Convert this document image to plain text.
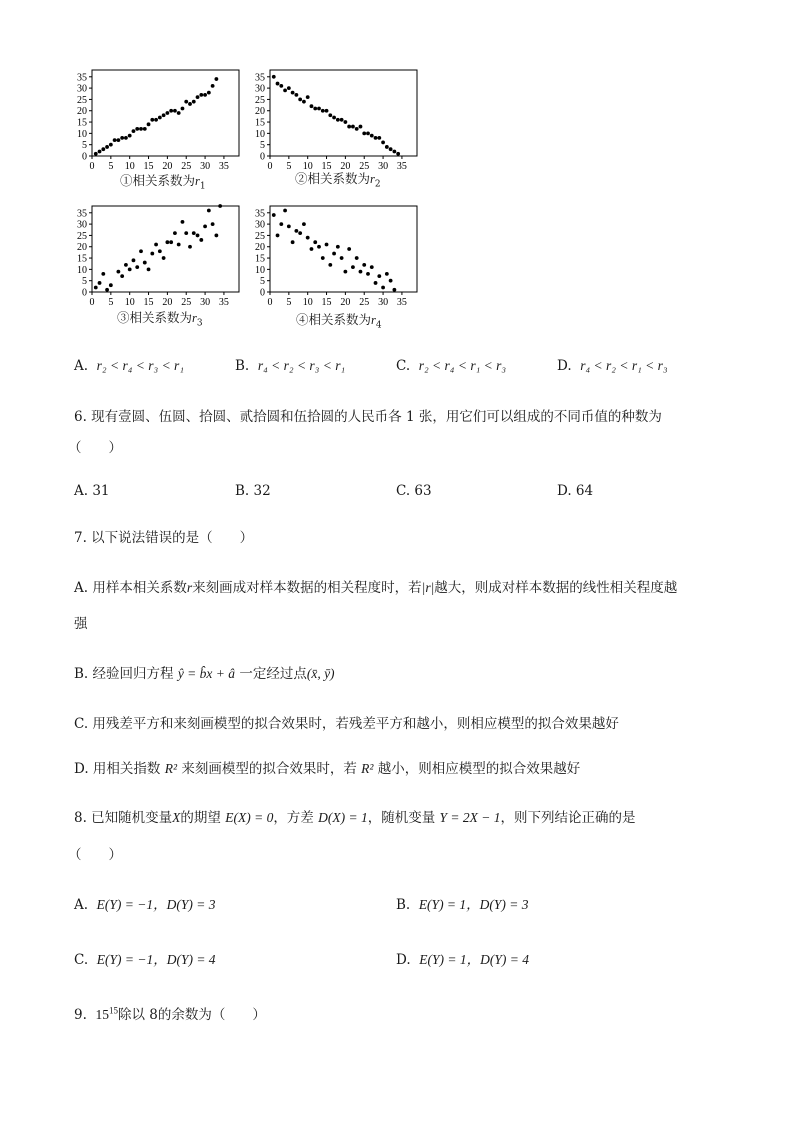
0
5
10
15
20
25
30
35
0 5 10 15 20 25 30 35
0
5
10
15
20
25
30
35
0 5 10 15 20 25 30 35
0
5
10
15
20
25
30
35
0 5 10 15 20 25 30 35
0
5
10
15
20
25
30
35
0 5 10 15 20 25 30 35
①相关系数为$r_1$
②相关系数为$r_2$
③相关系数为$r_3$	④相关系数为$r_4$
A. r₂ < r₄ < r₃ < r₁	B. r₄ < r₂ < r₃ < r₁	C. r₂ < r₄ < r₁ < r₃	D. r₄ < r₂ < r₁ < r₃
6. 现有壹圆、伍圆、拾圆、贰拾圆和伍拾圆的人民币各 1 张，用它们可以组成的不同币值的种数为
（　　）
A. 31	B. 32	C. 63	D. 64
7. 以下说法错误的是（　　）
A. 用样本相关系数r来刻画成对样本数据的相关程度时，若|r|越大，则成对样本数据的线性相关程度越
强
B. 经验回归方程 ŷ = b̂x + â 一定经过点(x̄, ȳ)
C. 用残差平方和来刻画模型的拟合效果时，若残差平方和越小，则相应模型的拟合效果越好
D. 用相关指数 R² 来刻画模型的拟合效果时，若 R² 越小，则相应模型的拟合效果越好
8. 已知随机变量X的期望 E(X) = 0，方差 D(X) = 1，随机变量 Y = 2X − 1，则下列结论正确的是
（　　）
A. E(Y) = −1，D(Y) = 3	B. E(Y) = 1，D(Y) = 3
C. E(Y) = −1，D(Y) = 4	D. E(Y) = 1，D(Y) = 4
9. $15^{15}$除以 8的余数为（　　）
